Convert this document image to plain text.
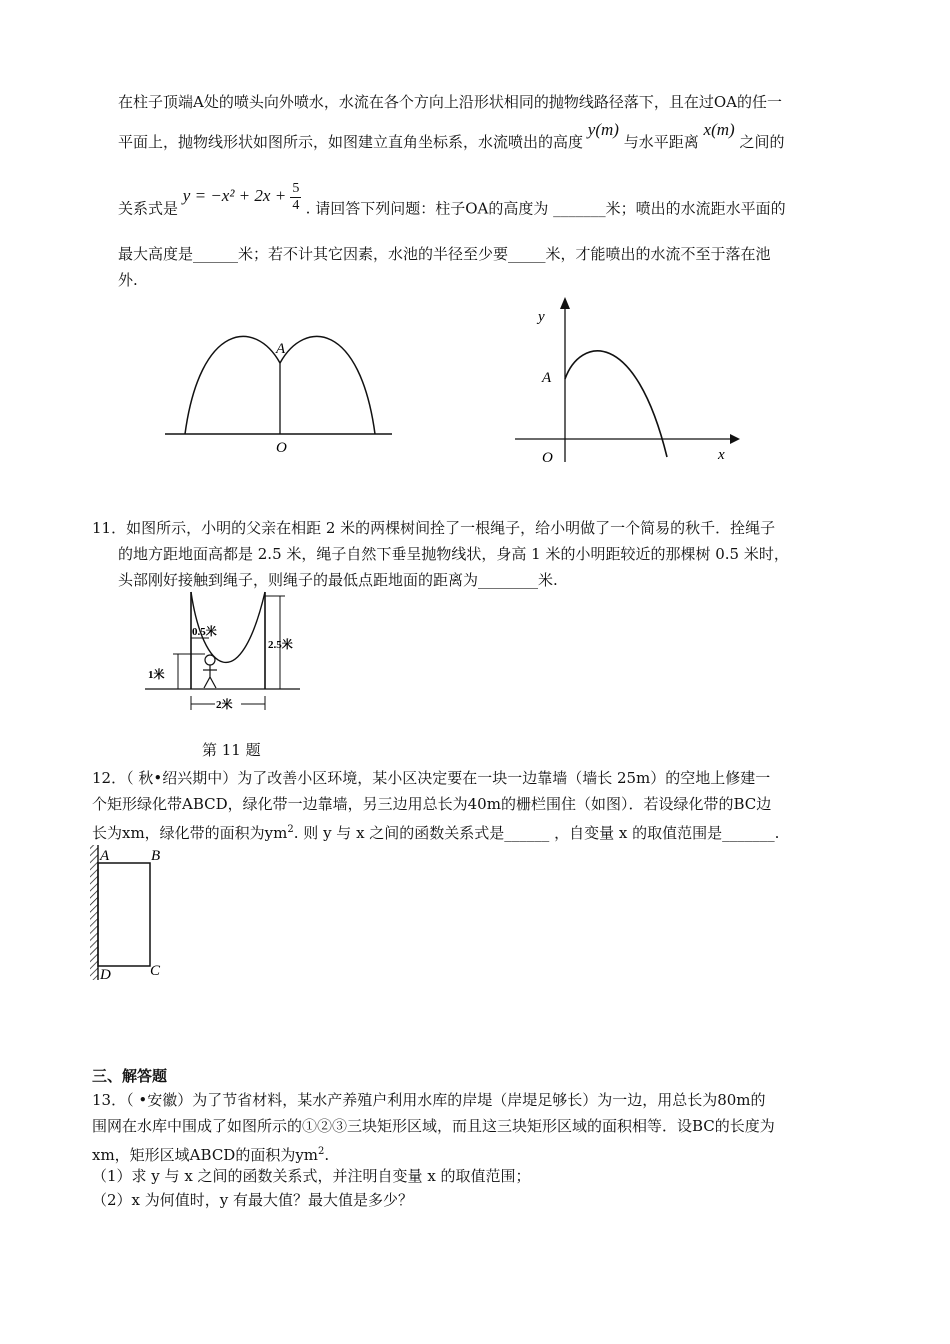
在柱子顶端A处的喷头向外喷水，水流在各个方向上沿形状相同的抛物线路径落下，且在过OA的任一
平面上，抛物线形状如图所示，如图建立直角坐标系，水流喷出的高度 y(m) 与水平距离 x(m) 之间的
关系式是 $y = -x^2 + 2x + \frac{5}{4}$ . 请回答下列问题：柱子OA的高度为 _______米；喷出的水流距水平面的
最大高度是______米；若不计其它因素，水池的半径至少要_____米，才能喷出的水流不至于落在池
外.
A
O
y
A
O	x
11．如图所示，小明的父亲在相距 2 米的两棵树间拴了一根绳子，给小明做了一个简易的秋千．拴绳子
的地方距地面高都是 2.5 米，绳子自然下垂呈抛物线状，身高 1 米的小明距较近的那棵树 0.5 米时，
头部刚好接触到绳子，则绳子的最低点距地面的距离为________米.
0.5米
1米
2.5米
2米
第 11 题
12．（ 秋•绍兴期中）为了改善小区环境，某小区决定要在一块一边靠墙（墙长 25m）的空地上修建一
个矩形绿化带ABCD，绿化带一边靠墙，另三边用总长为40m的栅栏围住（如图）．若设绿化带的BC边
长为xm，绿化带的面积为$ym^2$. 则 y 与 x 之间的函数关系式是______ ，自变量 x 的取值范围是_______.
A	B
C
D
三、解答题
13．（ •安徽）为了节省材料，某水产养殖户利用水库的岸堤（岸堤足够长）为一边，用总长为80m的
围网在水库中围成了如图所示的①②③三块矩形区域，而且这三块矩形区域的面积相等．设BC的长度为
xm，矩形区域ABCD的面积为$ym^2$.
（1）求 y 与 x 之间的函数关系式，并注明自变量 x 的取值范围；
（2）x 为何值时，y 有最大值？最大值是多少？
